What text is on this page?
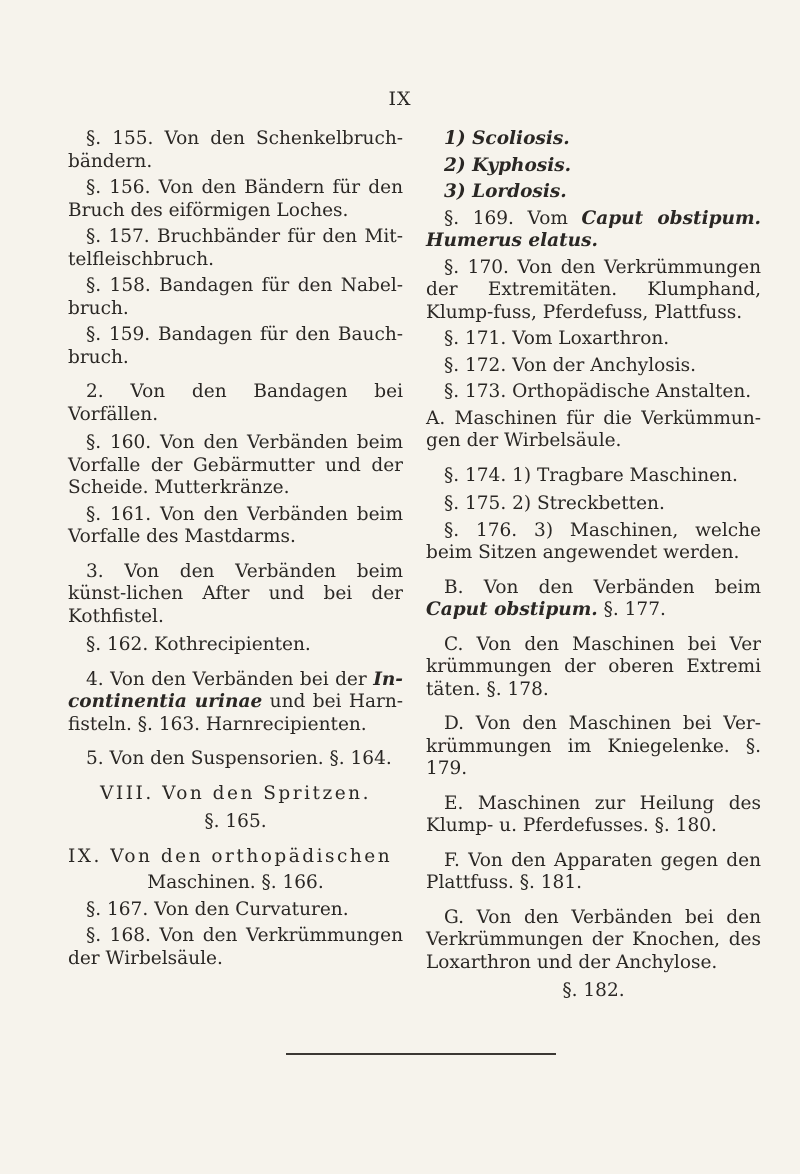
IX

§. 155. Von den Schenkelbruch-bändern.

§. 156. Von den Bändern für den Bruch des eiförmigen Loches.

§. 157. Bruchbänder für den Mit-telfleischbruch.

§. 158. Bandagen für den Nabel-bruch.

§. 159. Bandagen für den Bauch-bruch.

2. Von den Bandagen bei Vorfällen.

§. 160. Von den Verbänden beim Vorfalle der Gebärmutter und der Scheide. Mutterkränze.

§. 161. Von den Verbänden beim Vorfalle des Mastdarms.

3. Von den Verbänden beim künst-lichen After und bei der Kothfistel.

§. 162. Kothrecipienten.

4. Von den Verbänden bei der In-continentia urinae und bei Harn-fisteln. §. 163. Harnrecipienten.

5. Von den Suspensorien. §. 164.

VIII. Von den Spritzen.

§. 165.

IX. Von den orthopädischen

Maschinen. §. 166.

§. 167. Von den Curvaturen.

§. 168. Von den Verkrümmungen der Wirbelsäule.

1) Scoliosis.

2) Kyphosis.

3) Lordosis.

§. 169. Vom Caput obstipum. Humerus elatus.

§. 170. Von den Verkrümmungen der Extremitäten. Klumphand, Klump-fuss, Pferdefuss, Plattfuss.

§. 171. Vom Loxarthron.

§. 172. Von der Anchylosis.

§. 173. Orthopädische Anstalten.

A. Maschinen für die Verkümmun-gen der Wirbelsäule.

§. 174. 1) Tragbare Maschinen.

§. 175. 2) Streckbetten.

§. 176. 3) Maschinen, welche beim Sitzen angewendet werden.

B. Von den Verbänden beim Caput obstipum. §. 177.

C. Von den Maschinen bei Ver krümmungen der oberen Extremi täten. §. 178.

D. Von den Maschinen bei Ver-krümmungen im Kniegelenke. §. 179.

E. Maschinen zur Heilung des Klump- u. Pferdefusses. §. 180.

F. Von den Apparaten gegen den Plattfuss. §. 181.

G. Von den Verbänden bei den Verkrümmungen der Knochen, des Loxarthron und der Anchylose.

§. 182.
